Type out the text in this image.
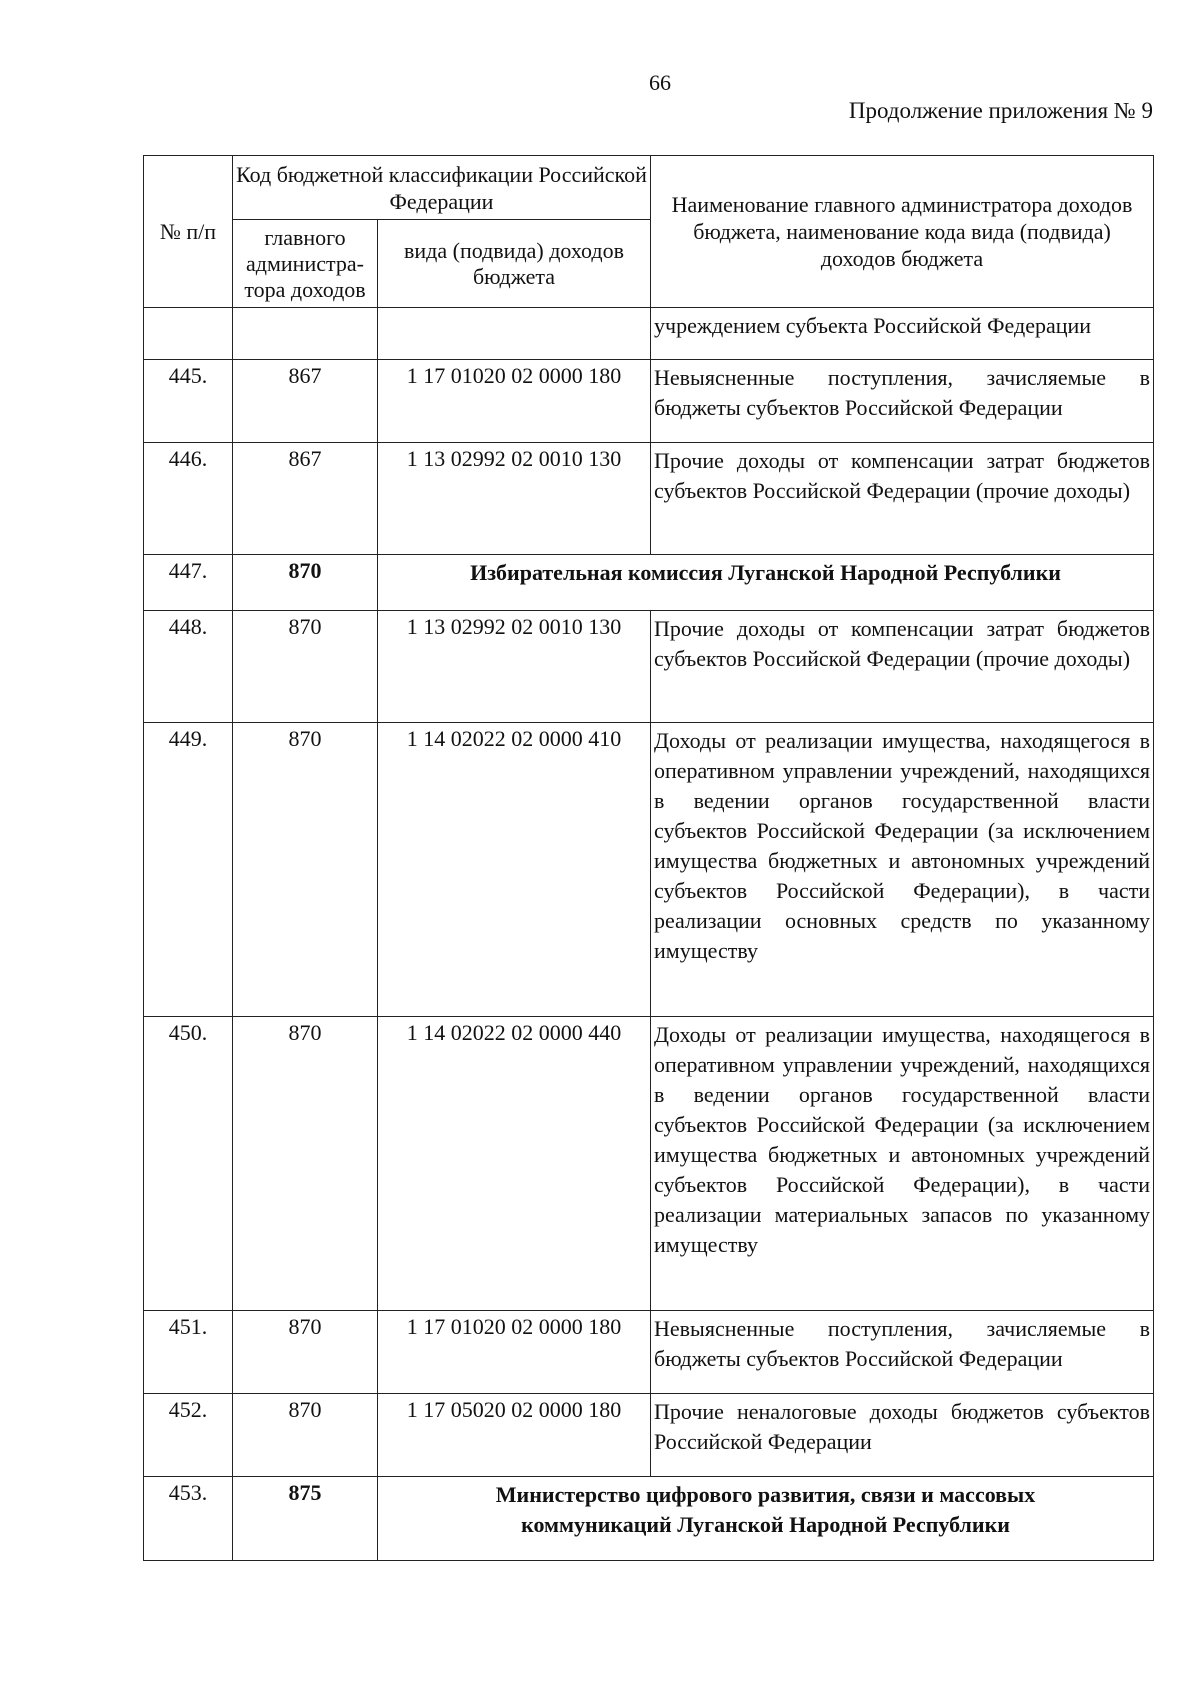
66
Продолжение приложения № 9
№ п/п	Код бюджетной классификации Российской Федерации		Наименование главного администратора доходов бюджета, наименование кода вида (подвида) доходов бюджета
	главного администра-тора доходов	вида (подвида) доходов бюджета	
			учреждением субъекта Российской Федерации
445.	867	1 17 01020 02 0000 180	Невыясненные поступления, зачисляемые в бюджеты субъектов Российской Федерации
446.	867	1 13 02992 02 0010 130	Прочие доходы от компенсации затрат бюджетов субъектов Российской Федерации (прочие доходы)
447.	870	Избирательная комиссия Луганской Народной Республики	
448.	870	1 13 02992 02 0010 130	Прочие доходы от компенсации затрат бюджетов субъектов Российской Федерации (прочие доходы)
449.	870	1 14 02022 02 0000 410	Доходы от реализации имущества, находящегося в оперативном управлении учреждений, находящихся в ведении органов государственной власти субъектов Российской Федерации (за исключением имущества бюджетных и автономных учреждений субъектов Российской Федерации), в части реализации основных средств по указанному имуществу
450.	870	1 14 02022 02 0000 440	Доходы от реализации имущества, находящегося в оперативном управлении учреждений, находящихся в ведении органов государственной власти субъектов Российской Федерации (за исключением имущества бюджетных и автономных учреждений субъектов Российской Федерации), в части реализации материальных запасов по указанному имуществу
451.	870	1 17 01020 02 0000 180	Невыясненные поступления, зачисляемые в бюджеты субъектов Российской Федерации
452.	870	1 17 05020 02 0000 180	Прочие неналоговые доходы бюджетов субъектов Российской Федерации
453.	875	Министерство цифрового развития, связи и массовых коммуникаций Луганской Народной Республики	
